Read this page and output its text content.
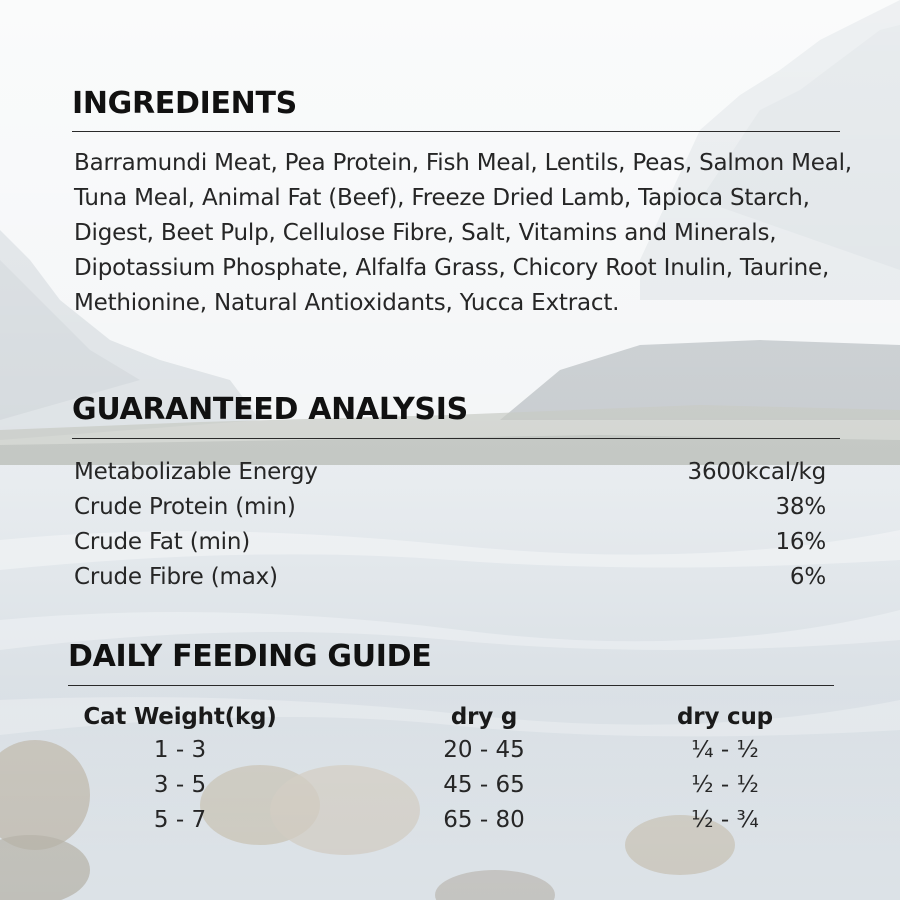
INGREDIENTS

Barramundi Meat, Pea Protein, Fish Meal, Lentils, Peas, Salmon Meal, Tuna Meal, Animal Fat (Beef), Freeze Dried Lamb, Tapioca Starch, Digest, Beet Pulp, Cellulose Fibre, Salt, Vitamins and Minerals, Dipotassium Phosphate, Alfalfa Grass, Chicory Root Inulin, Taurine, Methionine, Natural Antioxidants, Yucca Extract.

GUARANTEED ANALYSIS
Metabolizable Energy	3600kcal/kg
Crude Protein (min)	38%
Crude Fat (min)	16%
Crude Fibre (max)	6%
DAILY FEEDING GUIDE
Cat Weight(kg)	dry g	dry cup
1 - 3	20 - 45	¼ - ½
3 - 5	45 - 65	½ - ½
5 - 7	65 - 80	½ - ¾
